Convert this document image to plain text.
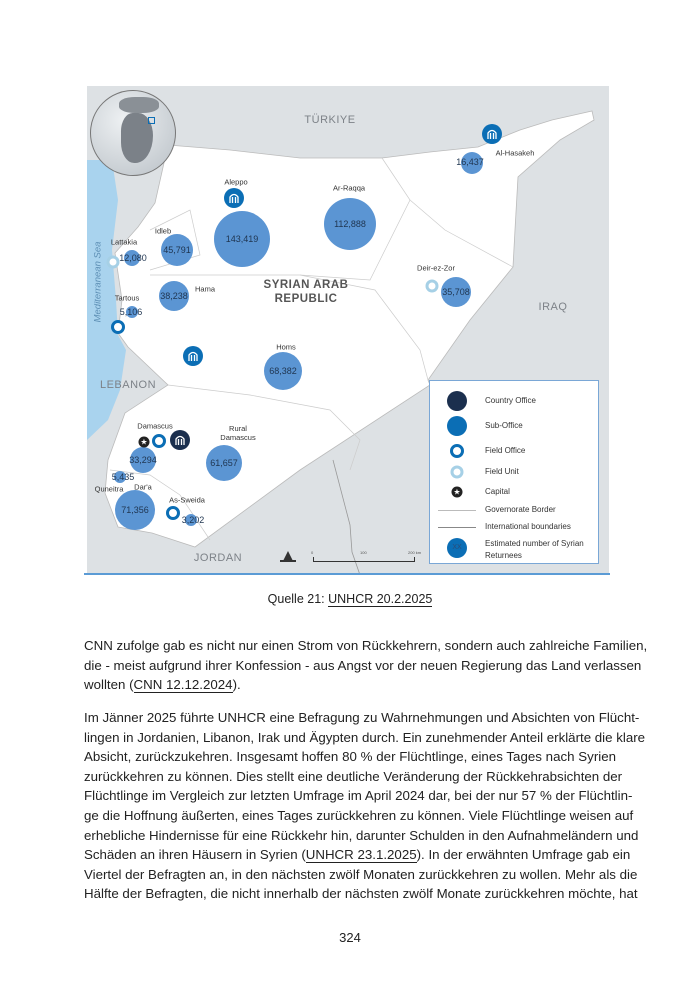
TÜRKIYE
IRAQ
LEBANON
JORDAN
SYRIAN ARAB
REPUBLIC
Mediterranean Sea
143,419
112,888
45,791
12,080
38,238
5,106
68,382
35,708
16,437
61,657
33,294
5,435
71,356
3,202
Aleppo
Ar-Raqqa
Idleb
Lattakia
Hama
Tartous
Homs
Deir-ez-Zor
Al-Hasakeh
Rural Damascus
Damascus
Quneitra Dar'a
As-Sweida
★
0	100	200 km
Country Office
Sub-Office
Field Office
Field Unit
★	Capital
Governorate Border
International boundaries
XX	Estimated number of Syrian
Returnees
Quelle 21: UNHCR 20.2.2025
CNN zufolge gab es nicht nur einen Strom von Rückkehrern, sondern auch zahlreiche Familien,
die - meist aufgrund ihrer Konfession - aus Angst vor der neuen Regierung das Land verlassen
wollten (CNN 12.12.2024).
Im Jänner 2025 führte UNHCR eine Befragung zu Wahrnehmungen und Absichten von Flücht-
lingen in Jordanien, Libanon, Irak und Ägypten durch. Ein zunehmender Anteil erklärte die klare
Absicht, zurückzukehren. Insgesamt hoffen 80 % der Flüchtlinge, eines Tages nach Syrien
zurückkehren zu können. Dies stellt eine deutliche Veränderung der Rückkehrabsichten der
Flüchtlinge im Vergleich zur letzten Umfrage im April 2024 dar, bei der nur 57 % der Flüchtlin-
ge die Hoffnung äußerten, eines Tages zurückkehren zu können. Viele Flüchtlinge weisen auf
erhebliche Hindernisse für eine Rückkehr hin, darunter Schulden in den Aufnahmeländern und
Schäden an ihren Häusern in Syrien (UNHCR 23.1.2025). In der erwähnten Umfrage gab ein
Viertel der Befragten an, in den nächsten zwölf Monaten zurückkehren zu wollen. Mehr als die
Hälfte der Befragten, die nicht innerhalb der nächsten zwölf Monate zurückkehren möchte, hat
324
